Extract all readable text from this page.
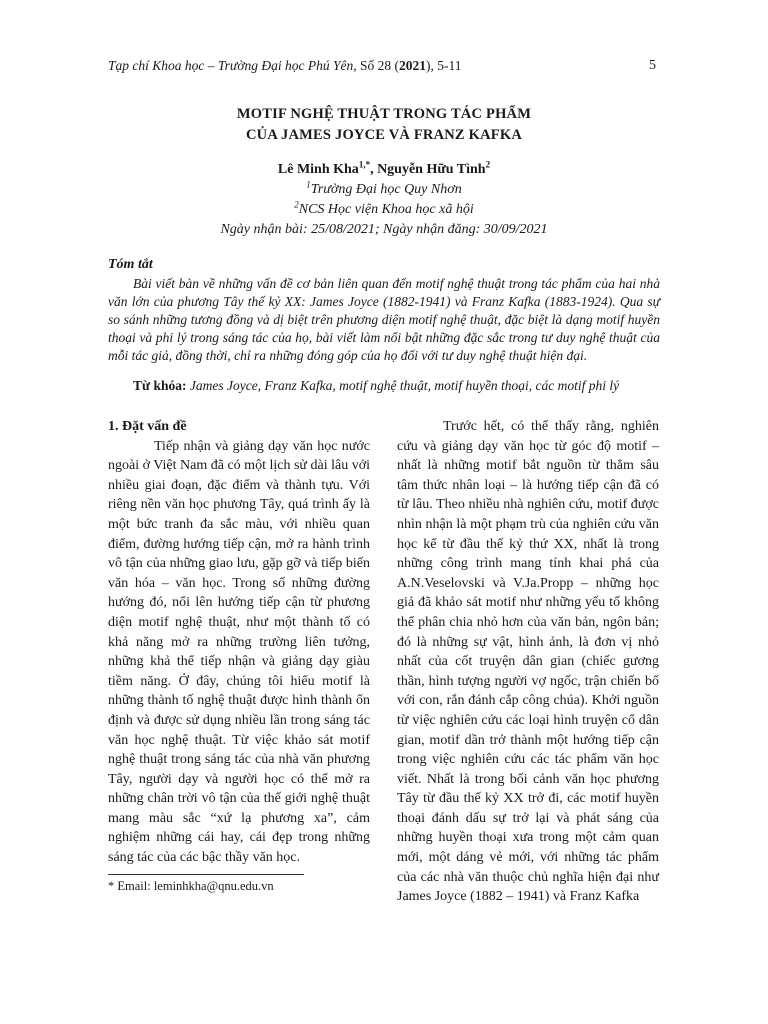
Tạp chí Khoa học – Trường Đại học Phú Yên, Số 28 (2021), 5-11	5
MOTIF NGHỆ THUẬT TRONG TÁC PHẨM
CỦA JAMES JOYCE VÀ FRANZ KAFKA
Lê Minh Kha$^{1,*}$, Nguyễn Hữu Tình$^2$
$^1$Trường Đại học Quy Nhơn
$^2$NCS Học viện Khoa học xã hội
Ngày nhận bài: 25/08/2021; Ngày nhận đăng: 30/09/2021
Tóm tắt
Bài viết bàn về những vấn đề cơ bản liên quan đến motif nghệ thuật trong tác phẩm của hai nhà văn lớn của phương Tây thế kỷ XX: James Joyce (1882-1941) và Franz Kafka (1883-1924). Qua sự so sánh những tương đồng và dị biệt trên phương diện motif nghệ thuật, đặc biệt là dạng motif huyền thoại và phi lý trong sáng tác của họ, bài viết làm nổi bật những đặc sắc trong tư duy nghệ thuật của mỗi tác giả, đồng thời, chỉ ra những đóng góp của họ đối với tư duy nghệ thuật hiện đại.
Từ khóa: James Joyce, Franz Kafka, motif nghệ thuật, motif huyền thoại, các motif phi lý
1. Đặt vấn đề

Tiếp nhận và giảng dạy văn học nước ngoài ở Việt Nam đã có một lịch sử dài lâu với nhiều giai đoạn, đặc điểm và thành tựu. Với riêng nền văn học phương Tây, quá trình ấy là một bức tranh đa sắc màu, với nhiều quan điểm, đường hướng tiếp cận, mở ra hành trình vô tận của những giao lưu, gặp gỡ và tiếp biến văn hóa – văn học. Trong số những đường hướng đó, nổi lên hướng tiếp cận từ phương diện motif nghệ thuật, như một thành tố có khả năng mở ra những trường liên tưởng, những khả thể tiếp nhận và giảng dạy giàu tiềm năng. Ở đây, chúng tôi hiểu motif là những thành tố nghệ thuật được hình thành ổn định và được sử dụng nhiều lần trong sáng tác văn học nghệ thuật. Từ việc khảo sát motif nghệ thuật trong sáng tác của nhà văn phương Tây, người dạy và người học có thể mở ra những chân trời vô tận của thế giới nghệ thuật mang màu sắc “xứ lạ phương xa”, cảm nghiệm những cái hay, cái đẹp trong những sáng tác của các bậc thầy văn học.

Trước hết, có thể thấy rằng, nghiên cứu và giảng dạy văn học từ góc độ motif – nhất là những motif bắt nguồn từ thẳm sâu tâm thức nhân loại – là hướng tiếp cận đã có từ lâu. Theo nhiều nhà nghiên cứu, motif được nhìn nhận là một phạm trù của nghiên cứu văn học kể từ đầu thế kỷ thứ XX, nhất là trong những công trình mang tính khai phá của A.N.Veselovski và V.Ja.Propp – những học giả đã khảo sát motif như những yếu tố không thể phân chia nhỏ hơn của văn bản, ngôn bản; đó là những sự vật, hình ảnh, là đơn vị nhỏ nhất của cốt truyện dân gian (chiếc gương thần, hình tượng người vợ ngốc, trận chiến bố với con, rắn đánh cắp công chúa). Khởi nguồn từ việc nghiên cứu các loại hình truyện cổ dân gian, motif dần trở thành một hướng tiếp cận trong việc nghiên cứu các tác phẩm văn học viết. Nhất là trong bối cảnh văn học phương Tây từ đầu thế kỷ XX trở đi, các motif huyền thoại đánh dấu sự trở lại và phát sáng của những huyền thoại xưa trong một cảm quan mới, một dáng vẻ mới, với những tác phẩm của các nhà văn thuộc chủ nghĩa hiện đại như James Joyce (1882 – 1941) và Franz Kafka

* Email: leminhkha@qnu.edu.vn
